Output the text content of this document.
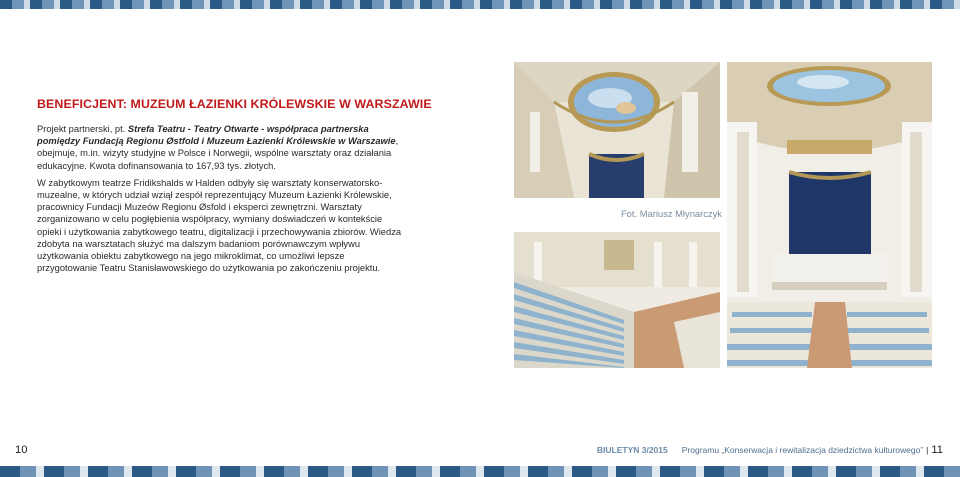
BENEFICJENT: MUZEUM ŁAZIENKI KRÓLEWSKIE W WARSZAWIE

Projekt partnerski, pt. Strefa Teatru - Teatry Otwarte - współpraca partnerska pomiędzy Fundacją Regionu Østfold i Muzeum Łazienki Królewskie w Warszawie, obejmuje, m.in. wizyty studyjne w Polsce i Norwegii, wspólne warsztaty oraz działania edukacyjne. Kwota dofinansowania to 167,93 tys. złotych.

W zabytkowym teatrze Fridikshalds w Halden odbyły się warsztaty konserwatorsko-muzealne, w których udział wziął zespół reprezentujący Muzeum Łazienki Królewskie, pracownicy Fundacji Muzeów Regionu Øsfold i eksperci zewnętrzni. Warsztaty zorganizowano w celu pogłębienia współpracy, wymiany doświadczeń w kontekście opieki i użytkowania zabytkowego teatru, digitalizacji i przechowywania zbiorów. Wiedza zdobyta na warsztatach służyć ma dalszym badaniom porównawczym wpływu użytkowania obiektu zabytkowego na jego mikroklimat, co umożliwi lepsze przygotowanie Teatru Stanisławowskiego do użytkowania po zakończeniu projektu.

Fot. Mariusz Młynarczyk
10	BIULETYN 3/2015 Programu „Konserwacja i rewitalizacja dziedzictwa kulturowego” | 11
